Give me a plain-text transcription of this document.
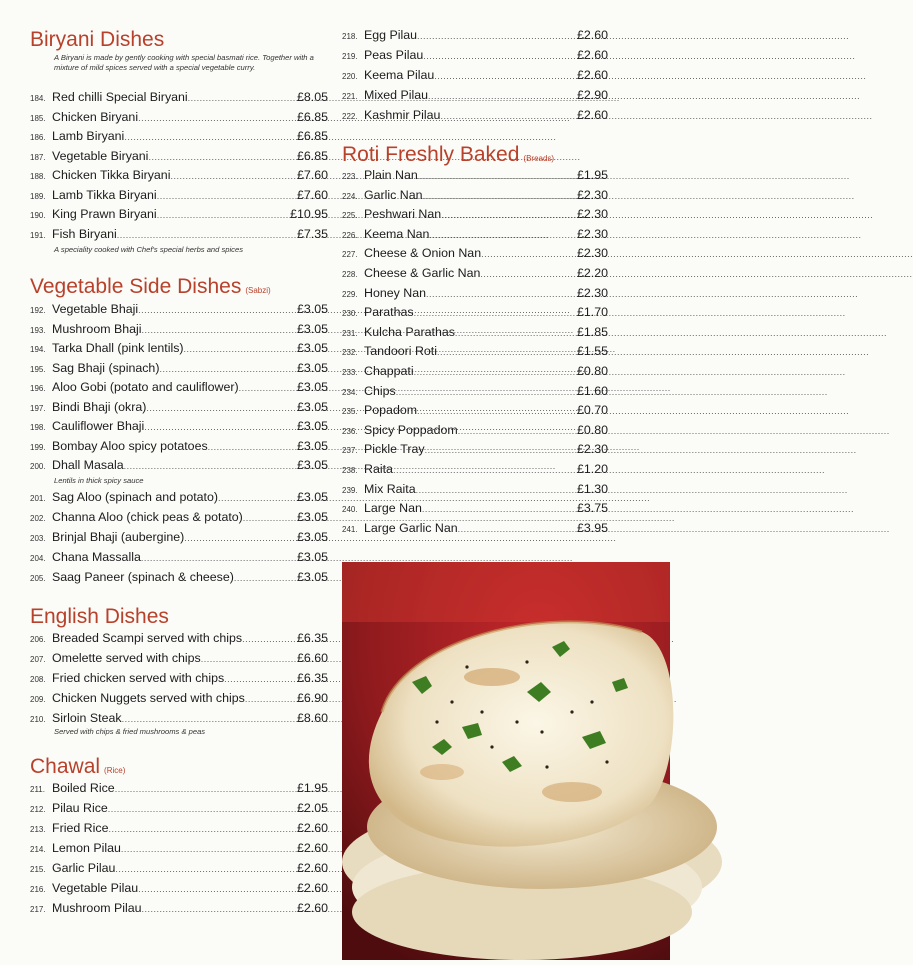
Biryani Dishes
A Biryani is made by gently cooking with special basmati rice. Together with a mixture of mild spices served with a special vegetable curry.
184. Red chilli Special Biryani .....	£8.05
185. Chicken Biryani .....	£6.85
186. Lamb Biryani .....	£6.85
187. Vegetable Biryani .....	£6.85
188. Chicken Tikka Biryani .....	£7.60
189. Lamb Tikka Biryani .....	£7.60
190. King Prawn Biryani .....	£10.95
191. Fish Biryani .....	£7.35
A speciality cooked with Chef's special herbs and spices
Vegetable Side Dishes (Sabzi)
192. Vegetable Bhaji .....	£3.05
193. Mushroom Bhaji .....	£3.05
194. Tarka Dhall (pink lentils) .....	£3.05
195. Sag Bhaji (spinach) .....	£3.05
196. Aloo Gobi (potato and cauliflower) .....	£3.05
197. Bindi Bhaji (okra) .....	£3.05
198. Cauliflower Bhaji .....	£3.05
199. Bombay Aloo spicy potatoes .....	£3.05
200. Dhall Masala .....	£3.05
Lentils in thick spicy sauce
201. Sag Aloo (spinach and potato) .....	£3.05
202. Channa Aloo (chick peas & potato) .....	£3.05
203. Brinjal Bhaji (aubergine) .....	£3.05
204. Chana Massalla .....	£3.05
205. Saag Paneer (spinach & cheese) .....	£3.05
English Dishes
206. Breaded Scampi served with chips .....	£6.35
207. Omelette served with chips .....	£6.60
208. Fried chicken served with chips .....	£6.35
209. Chicken Nuggets served with chips .....	£6.90
210. Sirloin Steak .....	£8.60
Served with chips & fried mushrooms & peas
Chawal (Rice)
211. Boiled Rice .....	£1.95
212. Pilau Rice .....	£2.05
213. Fried Rice .....	£2.60
214. Lemon Pilau .....	£2.60
215. Garlic Pilau .....	£2.60
216. Vegetable Pilau .....	£2.60
217. Mushroom Pilau .....	£2.60
218. Egg Pilau .....	£2.60
219. Peas Pilau .....	£2.60
220. Keema Pilau .....	£2.60
221. Mixed Pilau .....	£2.90
222. Kashmir Pilau .....	£2.60
Roti Freshly Baked (Breads)
223. Plain Nan .....	£1.95
224. Garlic Nan .....	£2.30
225. Peshwari Nan .....	£2.30
226. Keema Nan .....	£2.30
227. Cheese & Onion Nan .....	£2.30
228. Cheese & Garlic Nan .....	£2.20
229. Honey Nan .....	£2.30
230. Parathas .....	£1.70
231. Kulcha Parathas .....	£1.85
232. Tandoori Roti .....	£1.55
233. Chappati .....	£0.80
234. Chips .....	£1.60
235. Popadom .....	£0.70
236. Spicy Poppadom .....	£0.80
237. Pickle Tray .....	£2.30
238. Raita .....	£1.20
239. Mix Raita .....	£1.30
240. Large Nan .....	£3.75
241. Large Garlic Nan .....	£3.95
